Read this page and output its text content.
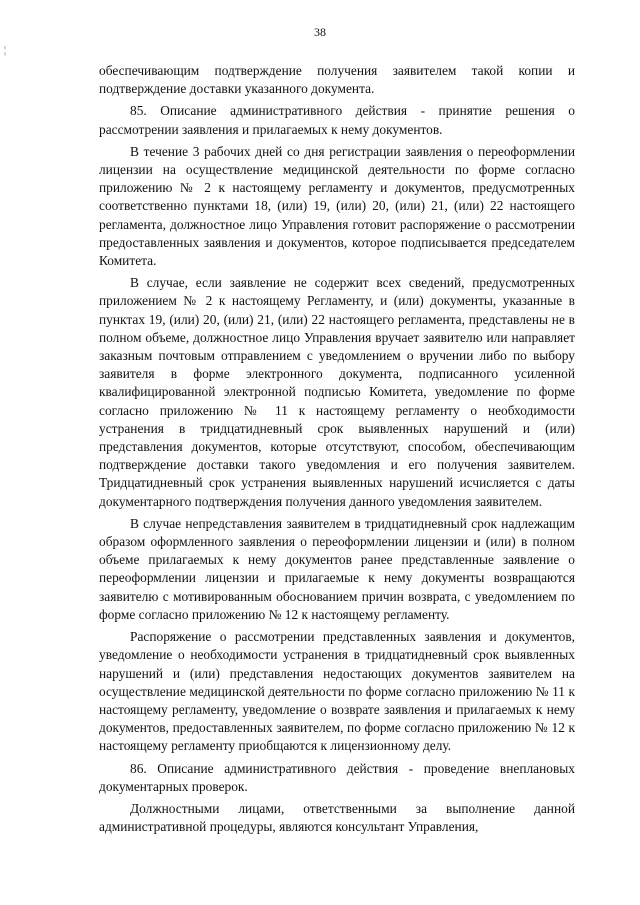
38
¦

обеспечивающим подтверждение получения заявителем такой копии и подтверждение доставки указанного документа.

85. Описание административного действия - принятие решения о рассмотрении заявления и прилагаемых к нему документов.

В течение 3 рабочих дней со дня регистрации заявления о переоформлении лицензии на осуществление медицинской деятельности по форме согласно приложению № 2 к настоящему регламенту и документов, предусмотренных соответственно пунктами 18, (или) 19, (или) 20, (или) 21, (или) 22 настоящего регламента, должностное лицо Управления готовит распоряжение о рассмотрении предоставленных заявления и документов, которое подписывается председателем Комитета.

В случае, если заявление не содержит всех сведений, предусмотренных приложением № 2 к настоящему Регламенту, и (или) документы, указанные в пунктах 19, (или) 20, (или) 21, (или) 22 настоящего регламента, представлены не в полном объеме, должностное лицо Управления вручает заявителю или направляет заказным почтовым отправлением с уведомлением о вручении либо по выбору заявителя в форме электронного документа, подписанного усиленной квалифицированной электронной подписью Комитета, уведомление по форме согласно приложению № 11 к настоящему регламенту о необходимости устранения в тридцатидневный срок выявленных нарушений и (или) представления документов, которые отсутствуют, способом, обеспечивающим подтверждение доставки такого уведомления и его получения заявителем. Тридцатидневный срок устранения выявленных нарушений исчисляется с даты документарного подтверждения получения данного уведомления заявителем.

В случае непредставления заявителем в тридцатидневный срок надлежащим образом оформленного заявления о переоформлении лицензии и (или) в полном объеме прилагаемых к нему документов ранее представленные заявление о переоформлении лицензии и прилагаемые к нему документы возвращаются заявителю с мотивированным обоснованием причин возврата, с уведомлением по форме согласно приложению № 12 к настоящему регламенту.

Распоряжение о рассмотрении представленных заявления и документов, уведомление о необходимости устранения в тридцатидневный срок выявленных нарушений и (или) представления недостающих документов заявителем на осуществление медицинской деятельности по форме согласно приложению № 11 к настоящему регламенту, уведомление о возврате заявления и прилагаемых к нему документов, предоставленных заявителем, по форме согласно приложению № 12 к настоящему регламенту приобщаются к лицензионному делу.

86. Описание административного действия - проведение внеплановых документарных проверок.

Должностными лицами, ответственными за выполнение данной административной процедуры, являются консультант Управления,
